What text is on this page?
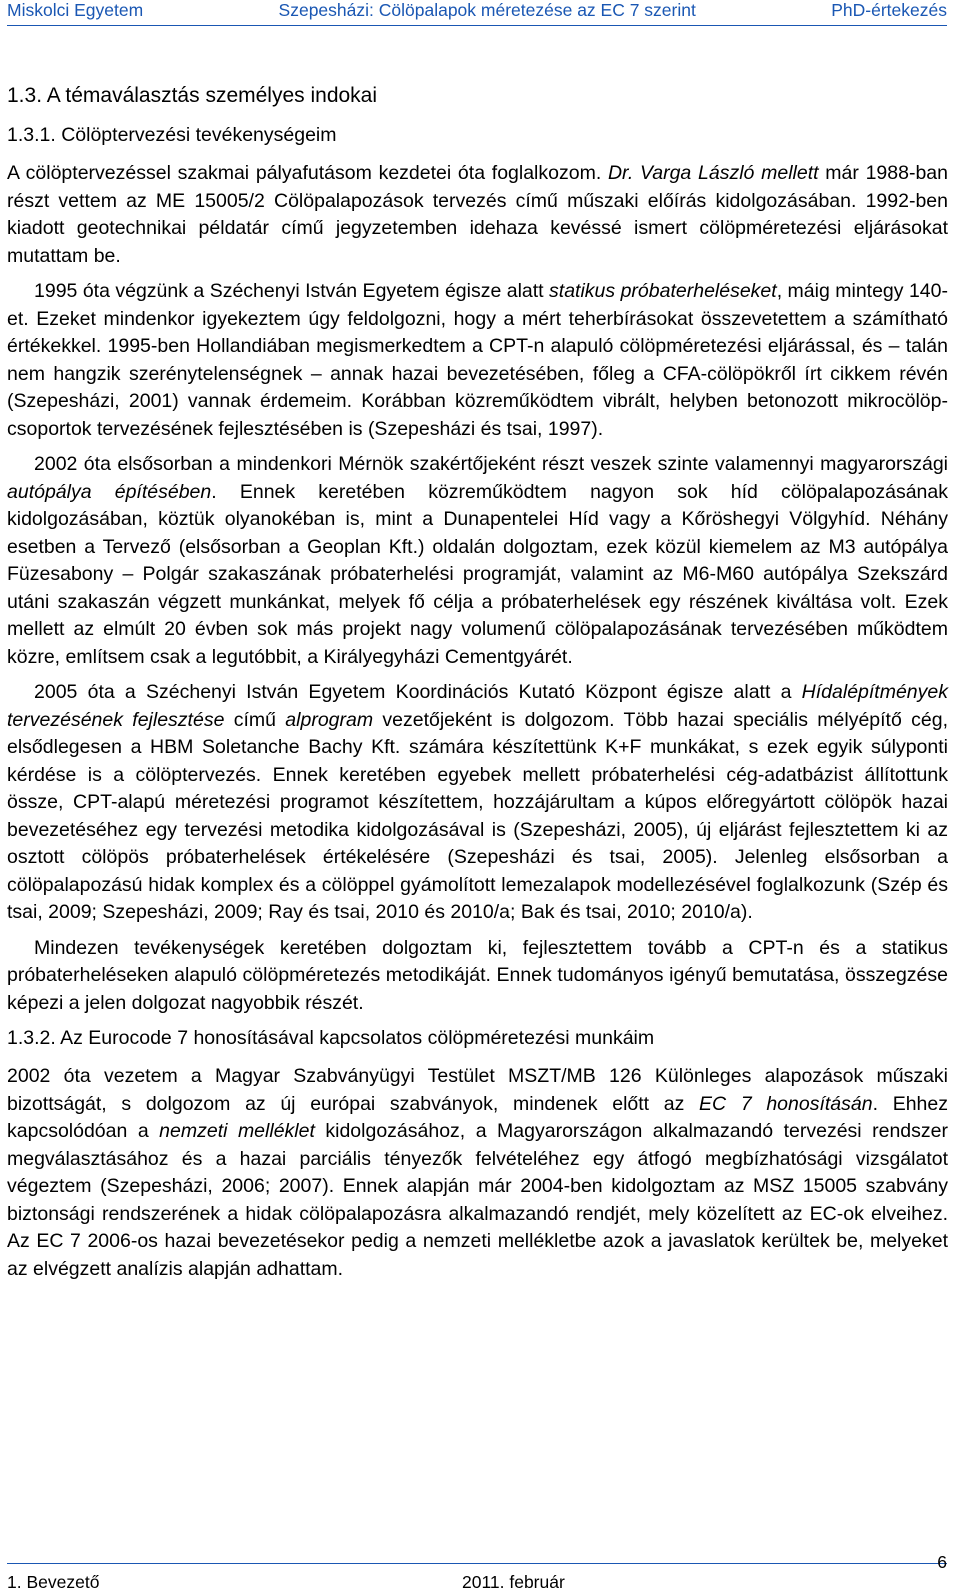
Miskolci Egyetem	Szepesházi: Cölöpalapok méretezése az EC 7 szerint	PhD-értekezés
1.3. A témaválasztás személyes indokai
1.3.1. Cölöptervezési tevékenységeim

A cölöptervezéssel szakmai pályafutásom kezdetei óta foglalkozom. Dr. Varga László mellett már 1988-ban részt vettem az ME 15005/2 Cölöpalapozások tervezés című műszaki előírás kidolgozásában. 1992-ben kiadott geotechnikai példatár című jegyzetemben idehaza kevéssé ismert cölöpméretezési eljárásokat mutattam be.

1995 óta végzünk a Széchenyi István Egyetem égisze alatt statikus próbaterheléseket, máig mintegy 140-et. Ezeket mindenkor igyekeztem úgy feldolgozni, hogy a mért teherbírásokat összevetettem a számítható értékekkel. 1995-ben Hollandiában megismerkedtem a CPT-n alapuló cölöpméretezési eljárással, és – talán nem hangzik szerénytelenségnek – annak hazai bevezetésében, főleg a CFA-cölöpökről írt cikkem révén (Szepesházi, 2001) vannak érdemeim. Korábban közreműködtem vibrált, helyben betonozott mikrocölöp-csoportok tervezésének fejlesztésében is (Szepesházi és tsai, 1997).

2002 óta elsősorban a mindenkori Mérnök szakértőjeként részt veszek szinte valamennyi magyarországi autópálya építésében. Ennek keretében közreműködtem nagyon sok híd cölöpalapozásának kidolgozásában, köztük olyanokéban is, mint a Dunapentelei Híd vagy a Kőröshegyi Völgyhíd. Néhány esetben a Tervező (elsősorban a Geoplan Kft.) oldalán dolgoztam, ezek közül kiemelem az M3 autópálya Füzesabony – Polgár szakaszának próbaterhelési programját, valamint az M6-M60 autópálya Szekszárd utáni szakaszán végzett munkánkat, melyek fő célja a próbaterhelések egy részének kiváltása volt. Ezek mellett az elmúlt 20 évben sok más projekt nagy volumenű cölöpalapozásának tervezésében működtem közre, említsem csak a legutóbbit, a Királyegyházi Cementgyárét.

2005 óta a Széchenyi István Egyetem Koordinációs Kutató Központ égisze alatt a Hídalépítmények tervezésének fejlesztése című alprogram vezetőjeként is dolgozom. Több hazai speciális mélyépítő cég, elsődlegesen a HBM Soletanche Bachy Kft. számára készítettünk K+F munkákat, s ezek egyik súlyponti kérdése is a cölöptervezés. Ennek keretében egyebek mellett próbaterhelési cég-adatbázist állítottunk össze, CPT-alapú méretezési programot készítettem, hozzájárultam a kúpos előregyártott cölöpök hazai bevezetéséhez egy tervezési metodika kidolgozásával is (Szepesházi, 2005), új eljárást fejlesztettem ki az osztott cölöpös próbaterhelések értékelésére (Szepesházi és tsai, 2005). Jelenleg elsősorban a cölöpalapozású hidak komplex és a cölöppel gyámolított lemezalapok modellezésével foglalkozunk (Szép és tsai, 2009; Szepesházi, 2009; Ray és tsai, 2010 és 2010/a; Bak és tsai, 2010; 2010/a).

Mindezen tevékenységek keretében dolgoztam ki, fejlesztettem tovább a CPT-n és a statikus próbaterheléseken alapuló cölöpméretezés metodikáját. Ennek tudományos igényű bemutatása, összegzése képezi a jelen dolgozat nagyobbik részét.

1.3.2. Az Eurocode 7 honosításával kapcsolatos cölöpméretezési munkáim

2002 óta vezetem a Magyar Szabványügyi Testület MSZT/MB 126 Különleges alapozások műszaki bizottságát, s dolgozom az új európai szabványok, mindenek előtt az EC 7 honosításán. Ehhez kapcsolódóan a nemzeti melléklet kidolgozásához, a Magyarországon alkalmazandó tervezési rendszer megválasztásához és a hazai parciális tényezők felvételéhez egy átfogó megbízhatósági vizsgálatot végeztem (Szepesházi, 2006; 2007). Ennek alapján már 2004-ben kidolgoztam az MSZ 15005 szabvány biztonsági rendszerének a hidak cölöpalapozásra alkalmazandó rendjét, mely közelített az EC-ok elveihez. Az EC 7 2006-os hazai bevezetésekor pedig a nemzeti mellékletbe azok a javaslatok kerültek be, melyeket az elvégzett analízis alapján adhattam.

1. Bevezető	2011. február
6
